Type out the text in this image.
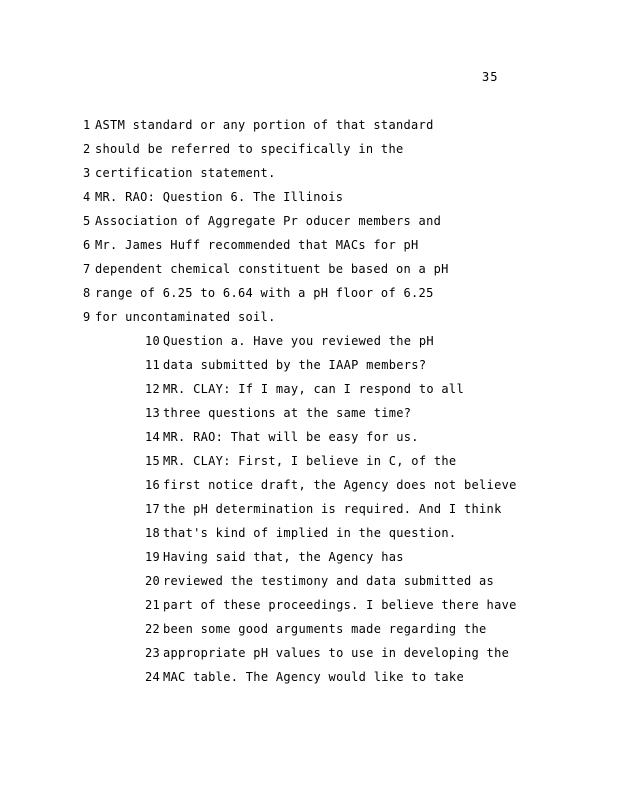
35
1 ASTM standard or any portion of that standard
2 should be referred to specifically in the
3 certification statement.
4 MR. RAO: Question 6. The Illinois
5 Association of Aggregate Pr oducer members and
6 Mr. James Huff recommended that MACs for pH
7 dependent chemical constituent be based on a pH
8 range of 6.25 to 6.64 with a pH floor of 6.25
9 for uncontaminated soil.
10 Question a. Have you reviewed the pH
11 data submitted by the IAAP members?
12 MR. CLAY: If I may, can I respond to all
13 three questions at the same time?
14 MR. RAO: That will be easy for us.
15 MR. CLAY: First, I believe in C, of the
16 first notice draft, the Agency does not believe
17 the pH determination is required. And I think
18 that's kind of implied in the question.
19 Having said that, the Agency has
20 reviewed the testimony and data submitted as
21 part of these proceedings. I believe there have
22 been some good arguments made regarding the
23 appropriate pH values to use in developing the
24 MAC table. The Agency would like to take
